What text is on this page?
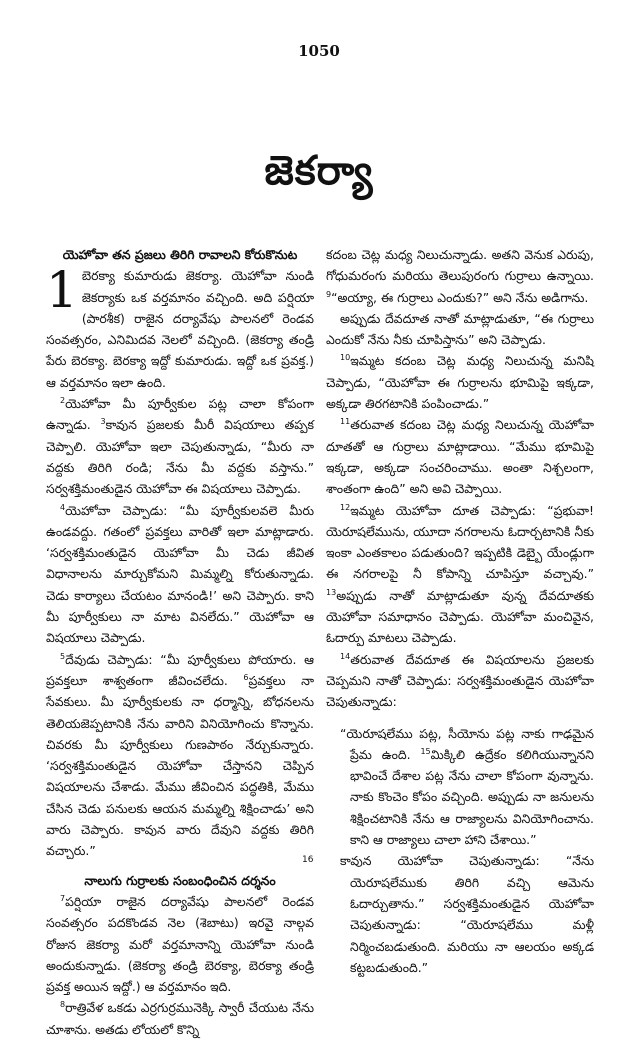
1050
జెకర్యా

యెహోవా తన ప్రజలు తిరిగి రావాలని కోరుకొనుట

1 బెరక్యా కుమారుడు జెకర్యా. యెహోవా నుండి జెకర్యాకు ఒక వర్తమానం వచ్చింది. అది పర్షియా (పారశీక) రాజైన దర్యావేషు పాలనలో రెండవ సంవత్సరం, ఎనిమిదవ నెలలో వచ్చింది. (జెకర్యా తండ్రి పేరు బెరక్యా. బెరక్యా ఇద్దో కుమారుడు. ఇద్దో ఒక ప్రవక్త.) ఆ వర్తమానం ఇలా ఉంది.

$^2$యెహోవా మీ పూర్వీకుల పట్ల చాలా కోపంగా ఉన్నాడు. $^3$కావున ప్రజలకు మీరీ విషయాలు తప్పక చెప్పాలి. యెహోవా ఇలా చెపుతున్నాడు, “మీరు నా వద్దకు తిరిగి రండి; నేను మీ వద్దకు వస్తాను.” సర్వశక్తిమంతుడైన యెహోవా ఈ విషయాలు చెప్పాడు.

$^4$యెహోవా చెప్పాడు: “మీ పూర్వీకులవలె మీరు ఉండవద్దు. గతంలో ప్రవక్తలు వారితో ఇలా మాట్లాడారు. ‘సర్వశక్తిమంతుడైన యెహోవా మీ చెడు జీవిత విధానాలను మార్చుకోమని మిమ్మల్ని కోరుతున్నాడు. చెడు కార్యాలు చేయటం మానండి!’ అని చెప్పారు. కాని మీ పూర్వీకులు నా మాట వినలేదు.” యెహోవా ఆ విషయాలు చెప్పాడు.

$^5$దేవుడు చెప్పాడు: “మీ పూర్వీకులు పోయారు. ఆ ప్రవక్తలూ శాశ్వతంగా జీవించలేదు. $^6$ప్రవక్తలు నా సేవకులు. మీ పూర్వీకులకు నా ధర్మాన్ని, బోధనలను తెలియజెప్పటానికి నేను వారిని వినియోగించు కొన్నాను. చివరకు మీ పూర్వీకులు గుణపాఠం నేర్చుకున్నారు. ‘సర్వశక్తిమంతుడైన యెహోవా చేస్తానని చెప్పిన విషయాలను చేశాడు. మేము జీవించిన పద్ధతికి, మేము చేసిన చెడు పనులకు ఆయన మమ్మల్ని శిక్షించాడు’ అని వారు చెప్పారు. కావున వారు దేవుని వద్దకు తిరిగి వచ్చారు.”

నాలుగు గుర్రాలకు సంబంధించిన దర్శనం

$^7$పర్షియా రాజైన దర్యావేషు పాలనలో రెండవ సంవత్సరం పదకొండవ నెల (శెబాటు) ఇరవై నాల్గవ రోజున జెకర్యా మరో వర్తమానాన్ని యెహోవా నుండి అందుకున్నాడు. (జెకర్యా తండ్రి బెరక్యా, బెరక్యా తండ్రి ప్రవక్త అయిన ఇద్దో.) ఆ వర్తమానం ఇది.

$^8$రాత్రివేళ ఒకడు ఎర్రగుర్రమునెక్కి స్వారీ చేయుట నేను చూశాను. అతడు లోయలో కొన్ని

కదంబ చెట్ల మధ్య నిలుచున్నాడు. అతని వెనుక ఎరుపు, గోధుమరంగు మరియు తెలుపురంగు గుర్రాలు ఉన్నాయి. $^9$“అయ్యా, ఈ గుర్రాలు ఎందుకు?” అని నేను అడిగాను.

అప్పుడు దేవదూత నాతో మాట్లాడుతూ, “ఈ గుర్రాలు ఎందుకో నేను నీకు చూపిస్తాను” అని చెప్పాడు.

$^{10}$ఇమ్మట కదంబ చెట్ల మధ్య నిలుచున్న మనిషి చెప్పాడు, “యెహోవా ఈ గుర్రాలను భూమిపై ఇక్కడా, అక్కడా తిరగటానికి పంపించాడు.”

$^{11}$తరువాత కదంబ చెట్ల మధ్య నిలుచున్న యెహోవా దూతతో ఆ గుర్రాలు మాట్లాడాయి. “మేము భూమిపై ఇక్కడా, అక్కడా సంచరించాము. అంతా నిశ్చలంగా, శాంతంగా ఉంది” అని అవి చెప్పాయి.

$^{12}$ఇమ్మట యెహోవా దూత చెప్పాడు: “ప్రభువా! యెరూషలేమును, యూదా నగరాలను ఓదార్చటానికి నీకు ఇంకా ఎంతకాలం పడుతుంది? ఇప్పటికి డెబ్బై యేండ్లుగా ఈ నగరాలపై నీ కోపాన్ని చూపిస్తూ వచ్చావు.” $^{13}$అప్పుడు నాతో మాట్లాడుతూ వున్న దేవదూతకు యెహోవా సమాధానం చెప్పాడు. యెహోవా మంచివైన, ఓదార్పు మాటలు చెప్పాడు.

$^{14}$తరువాత దేవదూత ఈ విషయాలను ప్రజలకు చెప్పమని నాతో చెప్పాడు: సర్వశక్తిమంతుడైన యెహోవా చెపుతున్నాడు:

“యెరూషలేము పట్ల, సీయోను పట్ల నాకు గాఢమైన ప్రేమ ఉంది. $^{15}$మిక్కిలి ఉద్రేకం కలిగియున్నానని భావించే దేశాల పట్ల నేను చాలా కోపంగా వున్నాను. నాకు కొంచెం కోపం వచ్చింది. అప్పుడు నా జనులను శిక్షించటానికి నేను ఆ రాజ్యాలను వినియోగించాను. కాని ఆ రాజ్యాలు చాలా హాని చేశాయి.”

16 కావున యెహోవా చెపుతున్నాడు: “నేను యెరూషలేముకు తిరిగి వచ్చి ఆమెను ఓదార్చుతాను.” సర్వశక్తిమంతుడైన యెహోవా చెపుతున్నాడు: “యెరూషలేము మళ్లీ నిర్మించబడుతుంది. మరియు నా ఆలయం అక్కడ కట్టబడుతుంది.”
